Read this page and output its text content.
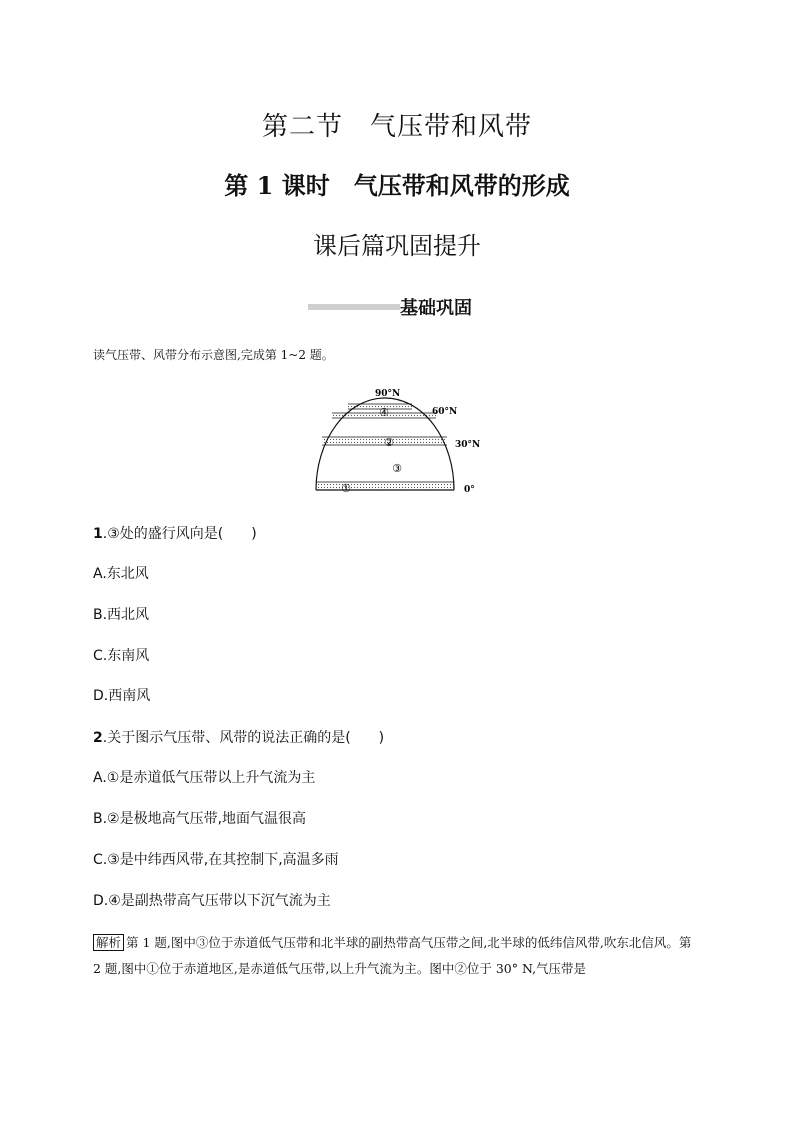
第二节　气压带和风带
第 1 课时　气压带和风带的形成
课后篇巩固提升
基础巩固
读气压带、风带分布示意图,完成第 1~2 题。
90°N
60°N
30°N
0°
④
②
③
①
1.③处的盛行风向是(　　)
A.东北风
B.西北风
C.东南风
D.西南风
2.关于图示气压带、风带的说法正确的是(　　)
A.①是赤道低气压带以上升气流为主
B.②是极地高气压带,地面气温很高
C.③是中纬西风带,在其控制下,高温多雨
D.④是副热带高气压带以下沉气流为主
解析 第 1 题,图中③位于赤道低气压带和北半球的副热带高气压带之间,北半球的低纬信风带,吹东北信风。第 2 题,图中①位于赤道地区,是赤道低气压带,以上升气流为主。图中②位于 30° N,气压带是
